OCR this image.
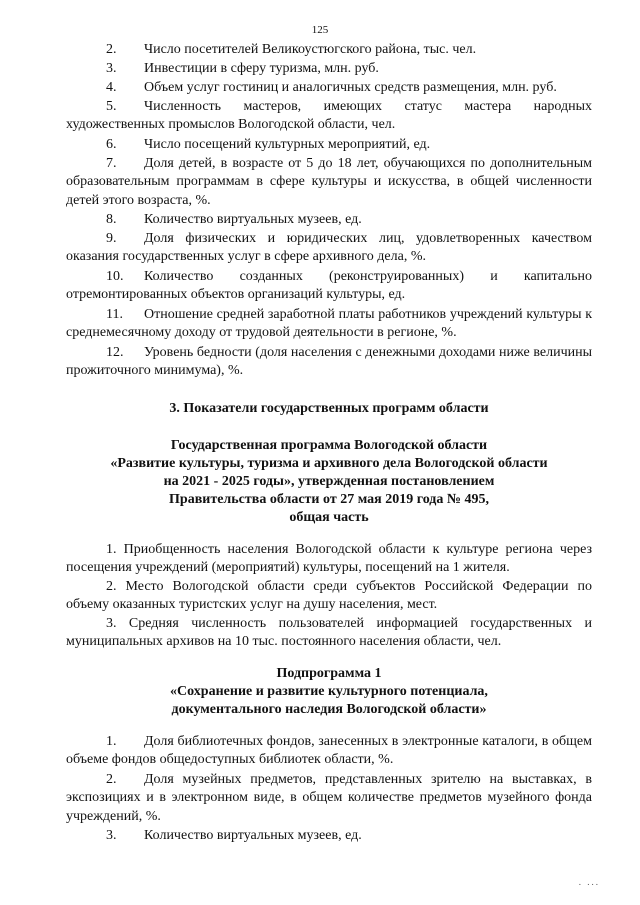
125

2. Число посетителей Великоустюгского района, тыс. чел.

3. Инвестиции в сферу туризма, млн. руб.

4. Объем услуг гостиниц и аналогичных средств размещения, млн. руб.

5. Численность мастеров, имеющих статус мастера народных художественных промыслов Вологодской области, чел.

6. Число посещений культурных мероприятий, ед.

7. Доля детей, в возрасте от 5 до 18 лет, обучающихся по дополнительным образовательным программам в сфере культуры и искусства, в общей численности детей этого возраста, %.

8. Количество виртуальных музеев, ед.

9. Доля физических и юридических лиц, удовлетворенных качеством оказания государственных услуг в сфере архивного дела, %.

10. Количество созданных (реконструированных) и капитально отремонтированных объектов организаций культуры, ед.

11. Отношение средней заработной платы работников учреждений культуры к среднемесячному доходу от трудовой деятельности в регионе, %.

12. Уровень бедности (доля населения с денежными доходами ниже величины прожиточного минимума), %.

3. Показатели государственных программ области

Государственная программа Вологодской области

«Развитие культуры, туризма и архивного дела Вологодской области

на 2021 - 2025 годы», утвержденная постановлением

Правительства области от 27 мая 2019 года № 495,

общая часть

1. Приобщенность населения Вологодской области к культуре региона через посещения учреждений (мероприятий) культуры, посещений на 1 жителя.

2. Место Вологодской области среди субъектов Российской Федерации по объему оказанных туристских услуг на душу населения, мест.

3. Средняя численность пользователей информацией государственных и муниципальных архивов на 10 тыс. постоянного населения области, чел.

Подпрограмма 1

«Сохранение и развитие культурного потенциала,

документального наследия Вологодской области»

1. Доля библиотечных фондов, занесенных в электронные каталоги, в общем объеме фондов общедоступных библиотек области, %.

2. Доля музейных предметов, представленных зрителю на выставках, в экспозициях и в электронном виде, в общем количестве предметов музейного фонда учреждений, %.

3. Количество виртуальных музеев, ед.

. ...
